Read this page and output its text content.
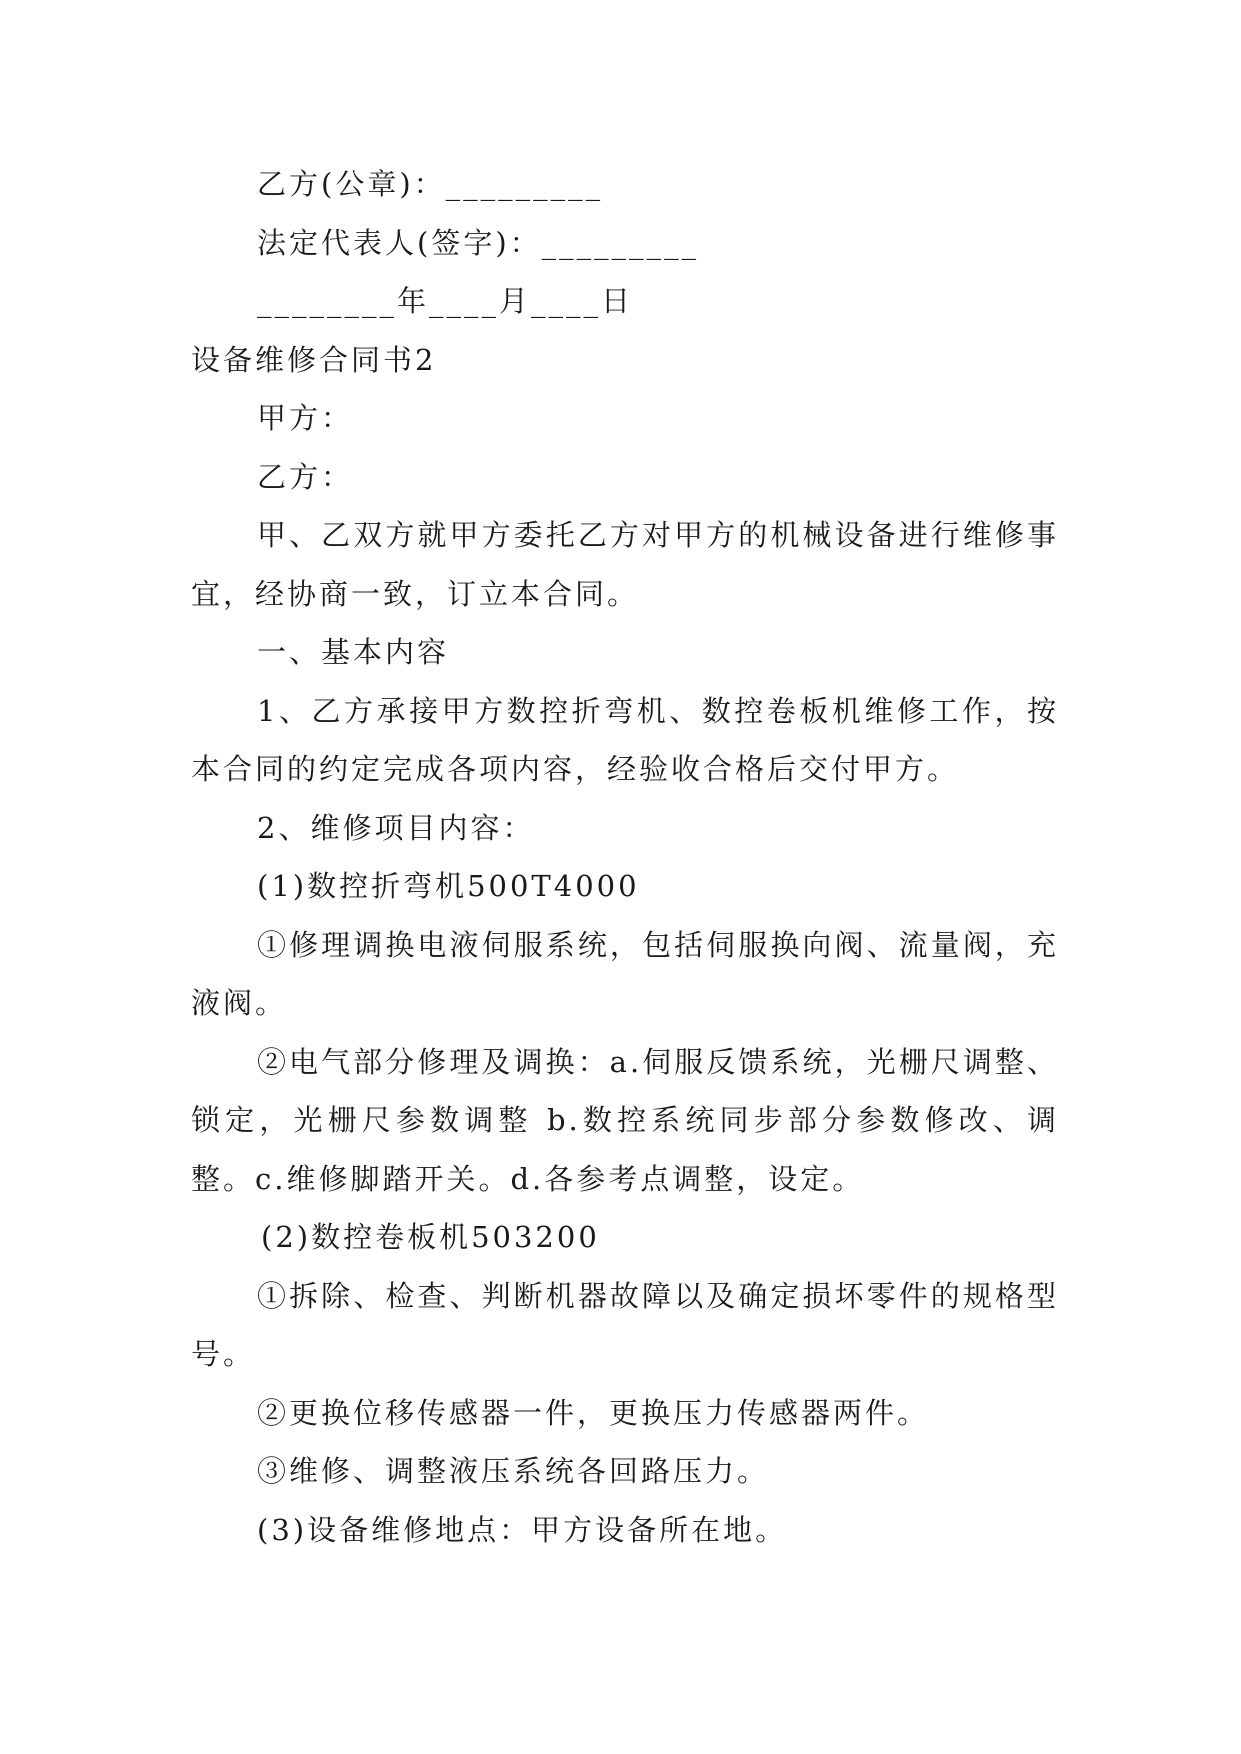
乙方(公章)：_________
法定代表人(签字)：_________
________年____月____日
设备维修合同书2
甲方：
乙方：

甲、乙双方就甲方委托乙方对甲方的机械设备进行维修事宜，经协商一致，订立本合同。

一、基本内容

1、乙方承接甲方数控折弯机、数控卷板机维修工作，按本合同的约定完成各项内容，经验收合格后交付甲方。

2、维修项目内容：
(1)数控折弯机500T4000

①修理调换电液伺服系统，包括伺服换向阀、流量阀，充液阀。

②电气部分修理及调换：a.伺服反馈系统，光栅尺调整、锁定，光栅尺参数调整 b.数控系统同步部分参数修改、调整。c.维修脚踏开关。d.各参考点调整，设定。

(2)数控卷板机503200

①拆除、检查、判断机器故障以及确定损坏零件的规格型号。

②更换位移传感器一件，更换压力传感器两件。
③维修、调整液压系统各回路压力。
(3)设备维修地点：甲方设备所在地。
